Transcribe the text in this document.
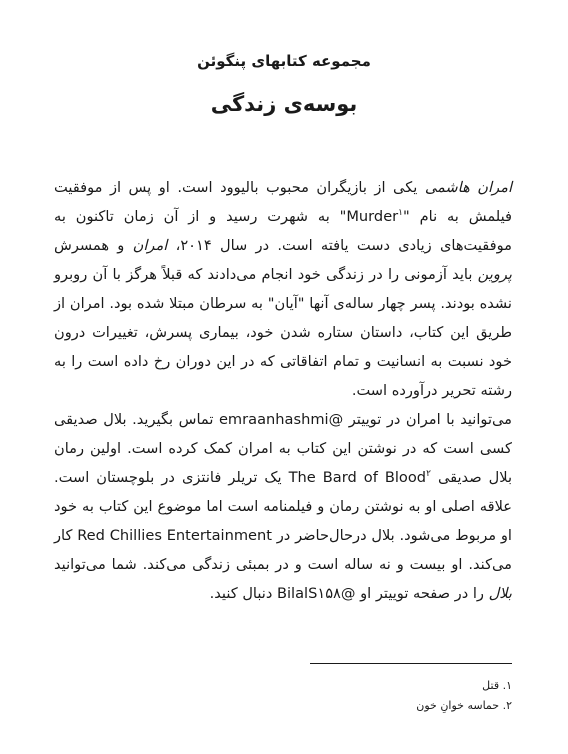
مجموعه کتابهای پنگوئن
بوسه‌ی زندگی

امران هاشمی یکی از بازیگران محبوب بالیوود است. او پس از موفقیت فیلمش به نام "Murder$^۱$" به شهرت رسید و از آن زمان تاکنون به موفقیت‌های زیادی دست یافته است. در سال ۲۰۱۴، امران و همسرش پروین باید آزمونی را در زندگی خود انجام می‌دادند که قبلاً هرگز با آن روبرو نشده بودند. پسر چهار ساله‌ی آنها "آیان" به سرطان مبتلا شده بود. امران از طریق این کتاب، داستان ستاره شدن خود، بیماری پسرش، تغییرات درون خود نسبت به انسانیت و تمام اتفاقاتی که در این دوران رخ داده است را به رشته تحریر درآورده است.

می‌توانید با امران در توییتر @emraanhashmi تماس بگیرید. بلال صدیقی کسی است که در نوشتن این کتاب به امران کمک کرده است. اولین رمان بلال صدیقی The Bard of Blood$^۲$ یک تریلر فانتزی در بلوچستان است. علاقه اصلی او به نوشتن رمان و فیلمنامه است اما موضوع این کتاب به خود او مربوط می‌شود. بلال درحال‌حاضر در Red Chillies Entertainment کار می‌کند. او بیست و نه ساله است و در بمبئی زندگی می‌کند. شما می‌توانید بلال را در صفحه توییتر او @BilalS۱۵۸ دنبال کنید.

۱. قتل
۲. حماسه خوانِ خون
